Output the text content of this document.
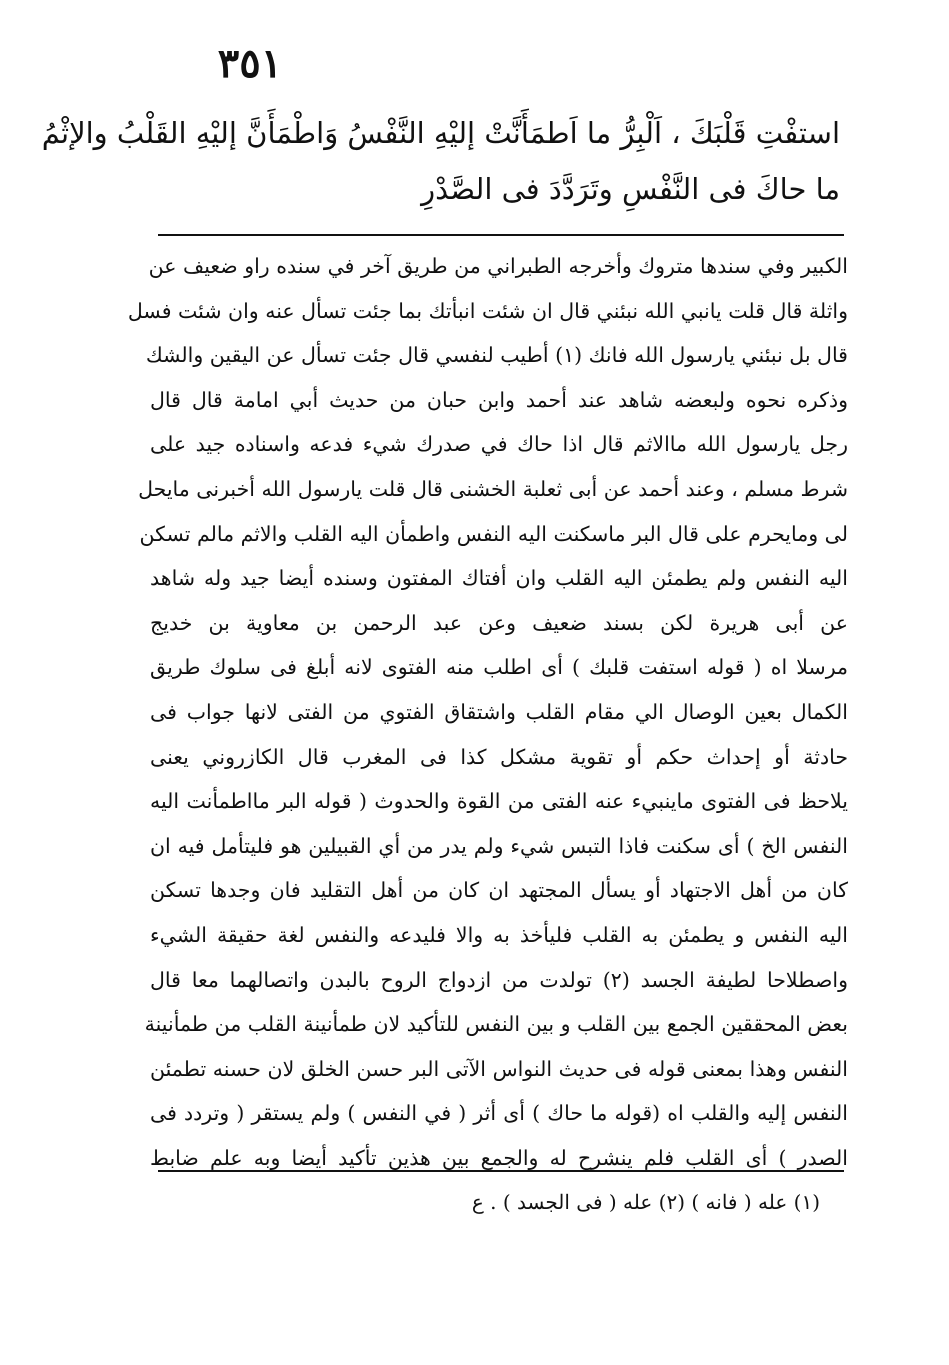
٣٥١
استفْتِ قَلْبَكَ ، اَلْبِرُّ ما اَطمَأَنَّتْ إليْهِ النَّفْسُ وَاطْمَأَنَّ إليْهِ القَلْبُ والإثْمُ
ما حاكَ فى النَّفْسِ وتَرَدَّدَ فى الصَّدْرِ
الكبير وفي سندها متروك وأخرجه الطبراني من طريق آخر في سنده راو ضعيف عن
واثلة قال قلت يانبي الله نبئني قال ان شئت انبأتك بما جئت تسأل عنه وان شئت فسل
قال بل نبئني يارسول الله فانك (١) أطيب لنفسي قال جئت تسأل عن اليقين والشك
وذكره نحوه ولبعضه شاهد عند أحمد وابن حبان من حديث أبي امامة قال قال
رجل يارسول الله ماالاثم قال اذا حاك في صدرك شيء فدعه واسناده جيد على
شرط مسلم ، وعند أحمد عن أبى ثعلبة الخشنى قال قلت يارسول الله أخبرنى مايحل
لى ومايحرم على قال البر ماسكنت اليه النفس واطمأن اليه القلب والاثم مالم تسكن
اليه النفس ولم يطمئن اليه القلب وان أفتاك المفتون وسنده أيضا جيد وله شاهد
عن أبى هريرة لكن بسند ضعيف وعن عبد الرحمن بن معاوية بن خديج
مرسلا اه ( قوله استفت قلبك ) أى اطلب منه الفتوى لانه أبلغ فى سلوك طريق
الكمال بعين الوصال الي مقام القلب واشتقاق الفتوي من الفتى لانها جواب فى
حادثة أو إحداث حكم أو تقوية مشكل كذا فى المغرب قال الكازروني يعنى
يلاحظ فى الفتوى ماينبيء عنه الفتى من القوة والحدوث ( قوله البر مااطمأنت اليه
النفس الخ ) أى سكنت فاذا التبس شيء ولم يدر من أي القبيلين هو فليتأمل فيه ان
كان من أهل الاجتهاد أو يسأل المجتهد ان كان من أهل التقليد فان وجدها تسكن
اليه النفس و يطمئن به القلب فليأخذ به والا فليدعه والنفس لغة حقيقة الشيء
واصطلاحا لطيفة الجسد (٢) تولدت من ازدواج الروح بالبدن واتصالهما معا قال
بعض المحققين الجمع بين القلب و بين النفس للتأكيد لان طمأنينة القلب من طمأنينة
النفس وهذا بمعنى قوله فى حديث النواس الآتى البر حسن الخلق لان حسنه تطمئن
النفس إليه والقلب اه (قوله ما حاك ) أى أثر ( في النفس ) ولم يستقر ( وتردد فى
الصدر ) أى القلب فلم ينشرح له والجمع بين هذين تأكيد أيضا وبه علم ضابط
(١) عله ( فانه ) (٢) عله ( فى الجسد ) . ع
